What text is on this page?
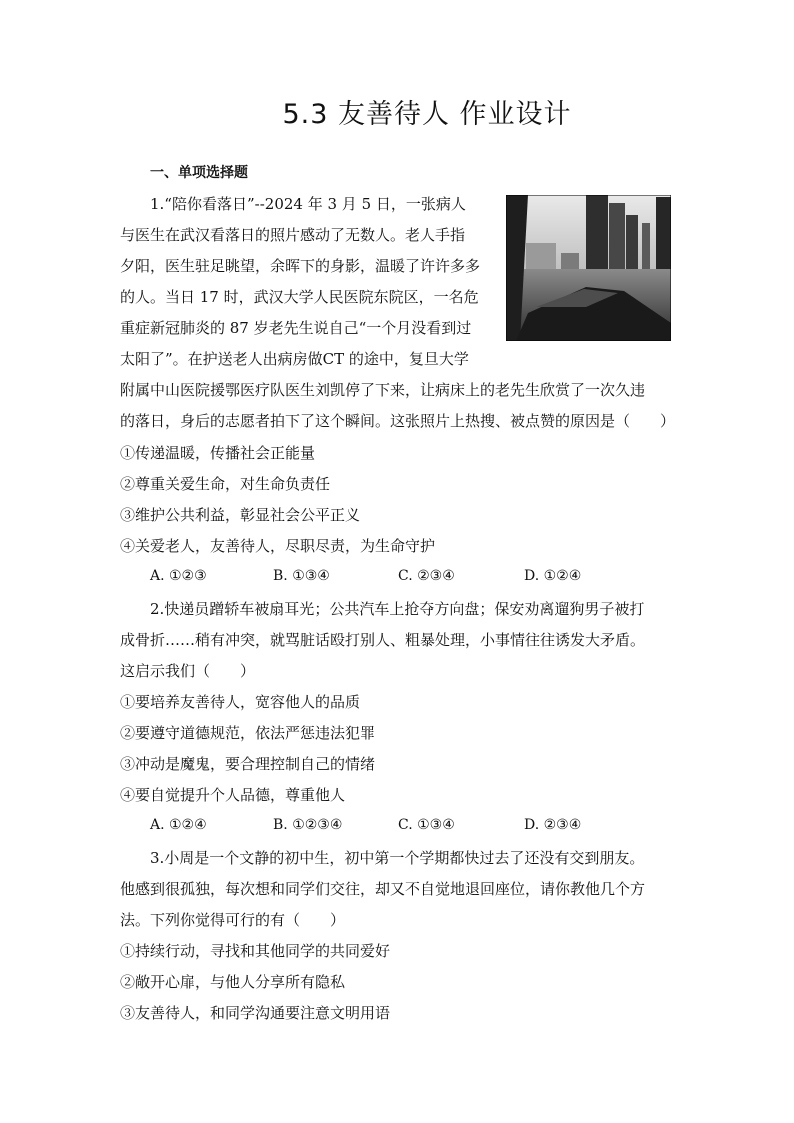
5.3 友善待人 作业设计
一、单项选择题
1.“陪你看落日”--2024 年 3 月 5 日，一张病人
与医生在武汉看落日的照片感动了无数人。老人手指
夕阳，医生驻足眺望，余晖下的身影，温暖了许许多多
的人。当日 17 时，武汉大学人民医院东院区，一名危
重症新冠肺炎的 87 岁老先生说自己“一个月没看到过
太阳了”。在护送老人出病房做CT 的途中，复旦大学
附属中山医院援鄂医疗队医生刘凯停了下来，让病床上的老先生欣赏了一次久违
的落日，身后的志愿者拍下了这个瞬间。这张照片上热搜、被点赞的原因是（　　）
①传递温暖，传播社会正能量
②尊重关爱生命，对生命负责任
③维护公共利益，彰显社会公平正义
④关爱老人，友善待人，尽职尽责，为生命守护
A. ①②③	B. ①③④	C. ②③④	D. ①②④
2.快递员蹭轿车被扇耳光；公共汽车上抢夺方向盘；保安劝离遛狗男子被打
成骨折……稍有冲突，就骂脏话殴打别人、粗暴处理，小事情往往诱发大矛盾。
这启示我们（　　）
①要培养友善待人，宽容他人的品质
②要遵守道德规范，依法严惩违法犯罪
③冲动是魔鬼，要合理控制自己的情绪
④要自觉提升个人品德，尊重他人
A. ①②④	B. ①②③④	C. ①③④	D. ②③④
3.小周是一个文静的初中生，初中第一个学期都快过去了还没有交到朋友。
他感到很孤独，每次想和同学们交往，却又不自觉地退回座位，请你教他几个方
法。下列你觉得可行的有（　　）
①持续行动，寻找和其他同学的共同爱好
②敞开心扉，与他人分享所有隐私
③友善待人，和同学沟通要注意文明用语
